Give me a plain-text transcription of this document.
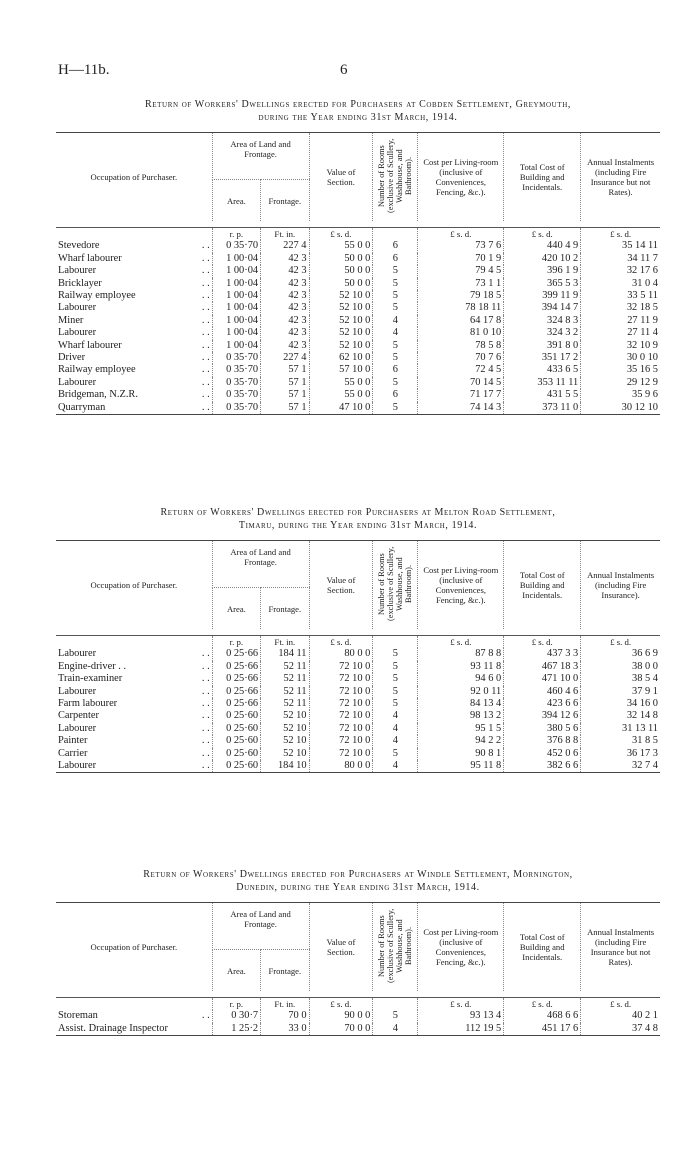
H—11b.	6
Return of Workers' Dwellings erected for Purchasers at Cobden Settlement, Greymouth,
during the Year ending 31st March, 1914.
Occupation of Purchaser.		Area of Land and Frontage.		Value of Section.	Number of Rooms (exclusive of Scullery, Washhouse, and Bathroom).	Cost per Living-room (inclusive of Conveniences, Fencing, &c.).	Total Cost of Building and Incidentals.	Annual Instalments (including Fire Insurance but not Rates).
		Area.	Frontage.					

		r. p.	Ft. in.	£ s. d.		£ s. d.	£ s. d.	£ s. d.
Stevedore	. .	0 35·70	227 4	55 0 0	6	73 7 6	440 4 9	35 14 11
Wharf labourer	. .	1 00·04	42 3	50 0 0	6	70 1 9	420 10 2	34 11 7
Labourer	. .	1 00·04	42 3	50 0 0	5	79 4 5	396 1 9	32 17 6
Bricklayer	. .	1 00·04	42 3	50 0 0	5	73 1 1	365 5 3	31 0 4
Railway employee	. .	1 00·04	42 3	52 10 0	5	79 18 5	399 11 9	33 5 11
Labourer	. .	1 00·04	42 3	52 10 0	5	78 18 11	394 14 7	32 18 5
Miner	. .	1 00·04	42 3	52 10 0	4	64 17 8	324 8 3	27 11 9
Labourer	. .	1 00·04	42 3	52 10 0	4	81 0 10	324 3 2	27 11 4
Wharf labourer	. .	1 00·04	42 3	52 10 0	5	78 5 8	391 8 0	32 10 9
Driver	. .	0 35·70	227 4	62 10 0	5	70 7 6	351 17 2	30 0 10
Railway employee	. .	0 35·70	57 1	57 10 0	6	72 4 5	433 6 5	35 16 5
Labourer	. .	0 35·70	57 1	55 0 0	5	70 14 5	353 11 11	29 12 9
Bridgeman, N.Z.R.	. .	0 35·70	57 1	55 0 0	6	71 17 7	431 5 5	35 9 6
Quarryman	. .	0 35·70	57 1	47 10 0	5	74 14 3	373 11 0	30 12 10
Return of Workers' Dwellings erected for Purchasers at Melton Road Settlement,
Timaru, during the Year ending 31st March, 1914.
Occupation of Purchaser.		Area of Land and Frontage.		Value of Section.	Number of Rooms (exclusive of Scullery, Washhouse, and Bathroom).	Cost per Living-room (inclusive of Conveniences, Fencing, &c.).	Total Cost of Building and Incidentals.	Annual Instalments (including Fire Insurance).
		Area.	Frontage.					

		r. p.	Ft. in.	£ s. d.		£ s. d.	£ s. d.	£ s. d.
Labourer	. .	0 25·66	184 11	80 0 0	5	87 8 8	437 3 3	36 6 9
Engine-driver . .	. .	0 25·66	52 11	72 10 0	5	93 11 8	467 18 3	38 0 0
Train-examiner	. .	0 25·66	52 11	72 10 0	5	94 6 0	471 10 0	38 5 4
Labourer	. .	0 25·66	52 11	72 10 0	5	92 0 11	460 4 6	37 9 1
Farm labourer	. .	0 25·66	52 11	72 10 0	5	84 13 4	423 6 6	34 16 0
Carpenter	. .	0 25·60	52 10	72 10 0	4	98 13 2	394 12 6	32 14 8
Labourer	. .	0 25·60	52 10	72 10 0	4	95 1 5	380 5 6	31 13 11
Painter	. .	0 25·60	52 10	72 10 0	4	94 2 2	376 8 8	31 8 5
Carrier	. .	0 25·60	52 10	72 10 0	5	90 8 1	452 0 6	36 17 3
Labourer	. .	0 25·60	184 10	80 0 0	4	95 11 8	382 6 6	32 7 4
Return of Workers' Dwellings erected for Purchasers at Windle Settlement, Mornington,
Dunedin, during the Year ending 31st March, 1914.
Occupation of Purchaser.		Area of Land and Frontage.		Value of Section.	Number of Rooms (exclusive of Scullery, Washhouse, and Bathroom).	Cost per Living-room (inclusive of Conveniences, Fencing, &c.).	Total Cost of Building and Incidentals.	Annual Instalments (including Fire Insurance but not Rates).
		Area.	Frontage.					

		r. p.	Ft. in.	£ s. d.		£ s. d.	£ s. d.	£ s. d.
Storeman	. .	0 30·7	70 0	90 0 0	5	93 13 4	468 6 6	40 2 1
Assist. Drainage Inspector		1 25·2	33 0	70 0 0	4	112 19 5	451 17 6	37 4 8
